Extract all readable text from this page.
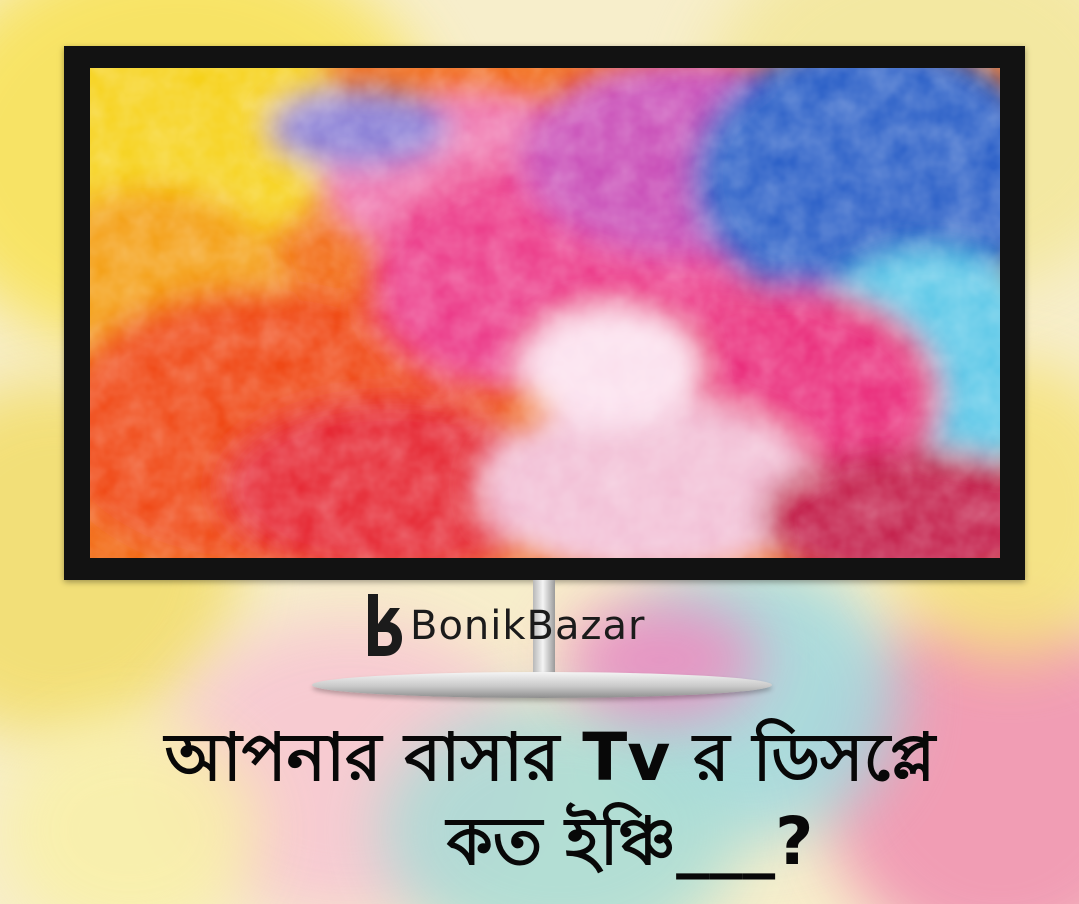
BonikBazar
আপনার বাসার Tv র ডিসপ্লে
কত ইঞ্চি___?
